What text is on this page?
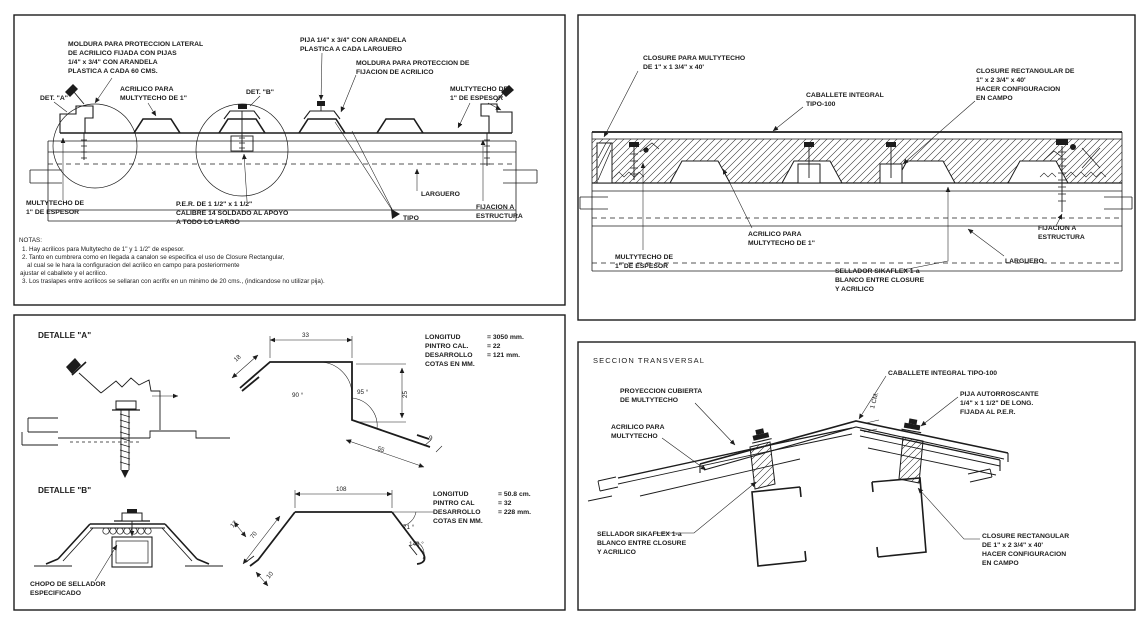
MOLDURA PARA PROTECCION LATERAL
DE ACRILICO FIJADA CON PIJAS
1/4" x 3/4" CON ARANDELA
PLASTICA A CADA 60 CMS.
DET. "A"
ACRILICO PARA
MULTYTECHO DE 1"
DET. "B"
PIJA 1/4" x 3/4" CON ARANDELA
PLASTICA A CADA LARGUERO
MOLDURA PARA PROTECCION DE
FIJACION DE ACRILICO
MULTYTECHO DE
1" DE ESPESOR
MULTYTECHO DE
1" DE ESPESOR
P.E.R. DE 1 1/2" x 1 1/2"
CALIBRE 14 SOLDADO AL APOYO
A TODO LO LARGO
TIPO
LARGUERO
FIJACION A
ESTRUCTURA
NOTAS:
1. Hay acrilicos para Multytecho de 1" y 1 1/2" de espesor.
2. Tanto en cumbrera como en llegada a canalon se especifica el uso de Closure Rectangular,
al cual se le hara la configuracion del acrilico en campo para posteriormente
ajustar el caballete y el acrilico.
3. Los traslapes entre acrilicos se sellaran con acrifix en un minimo de 20 cms., (indicandose no utilizar pija).
CLOSURE PARA MULTYTECHO
DE 1" x 1 3/4" x 40'
CABALLETE INTEGRAL
TIPO-100
CLOSURE RECTANGULAR DE
1" x 2 3/4" x 40'
HACER CONFIGURACION
EN CAMPO
ACRILICO PARA
MULTYTECHO DE 1"
MULTYTECHO DE
1" DE ESPESOR
SELLADOR SIKAFLEX 1-a
BLANCO ENTRE CLOSURE
Y ACRILICO
FIJACION A
ESTRUCTURA
LARGUERO
DETALLE "A"	33
18
90 °	95 °	25
55
9
LONGITUD	= 3050 mm.
PINTRO CAL.	= 22
DESARROLLO = 121 mm.
COTAS EN MM.
DETALLE "B"
CHOPO DE SELLADOR
ESPECIFICADO
108
70
71 °
148 °
12
10
LONGITUD	= 50.8 cm.
PINTRO CAL	= 32
DESARROLLO	= 228 mm.
COTAS EN MM.
SECCION TRANSVERSAL
PROYECCION CUBIERTA
DE MULTYTECHO
ACRILICO PARA
MULTYTECHO
CABALLETE INTEGRAL TIPO-100
PIJA AUTORROSCANTE
1/4" x 1 1/2" DE LONG.
FIJADA AL P.E.R.
1 CM.
SELLADOR SIKAFLEX 1-a
BLANCO ENTRE CLOSURE
Y ACRILICO
CLOSURE RECTANGULAR
DE 1" x 2 3/4" x 40'
HACER CONFIGURACION
EN CAMPO
